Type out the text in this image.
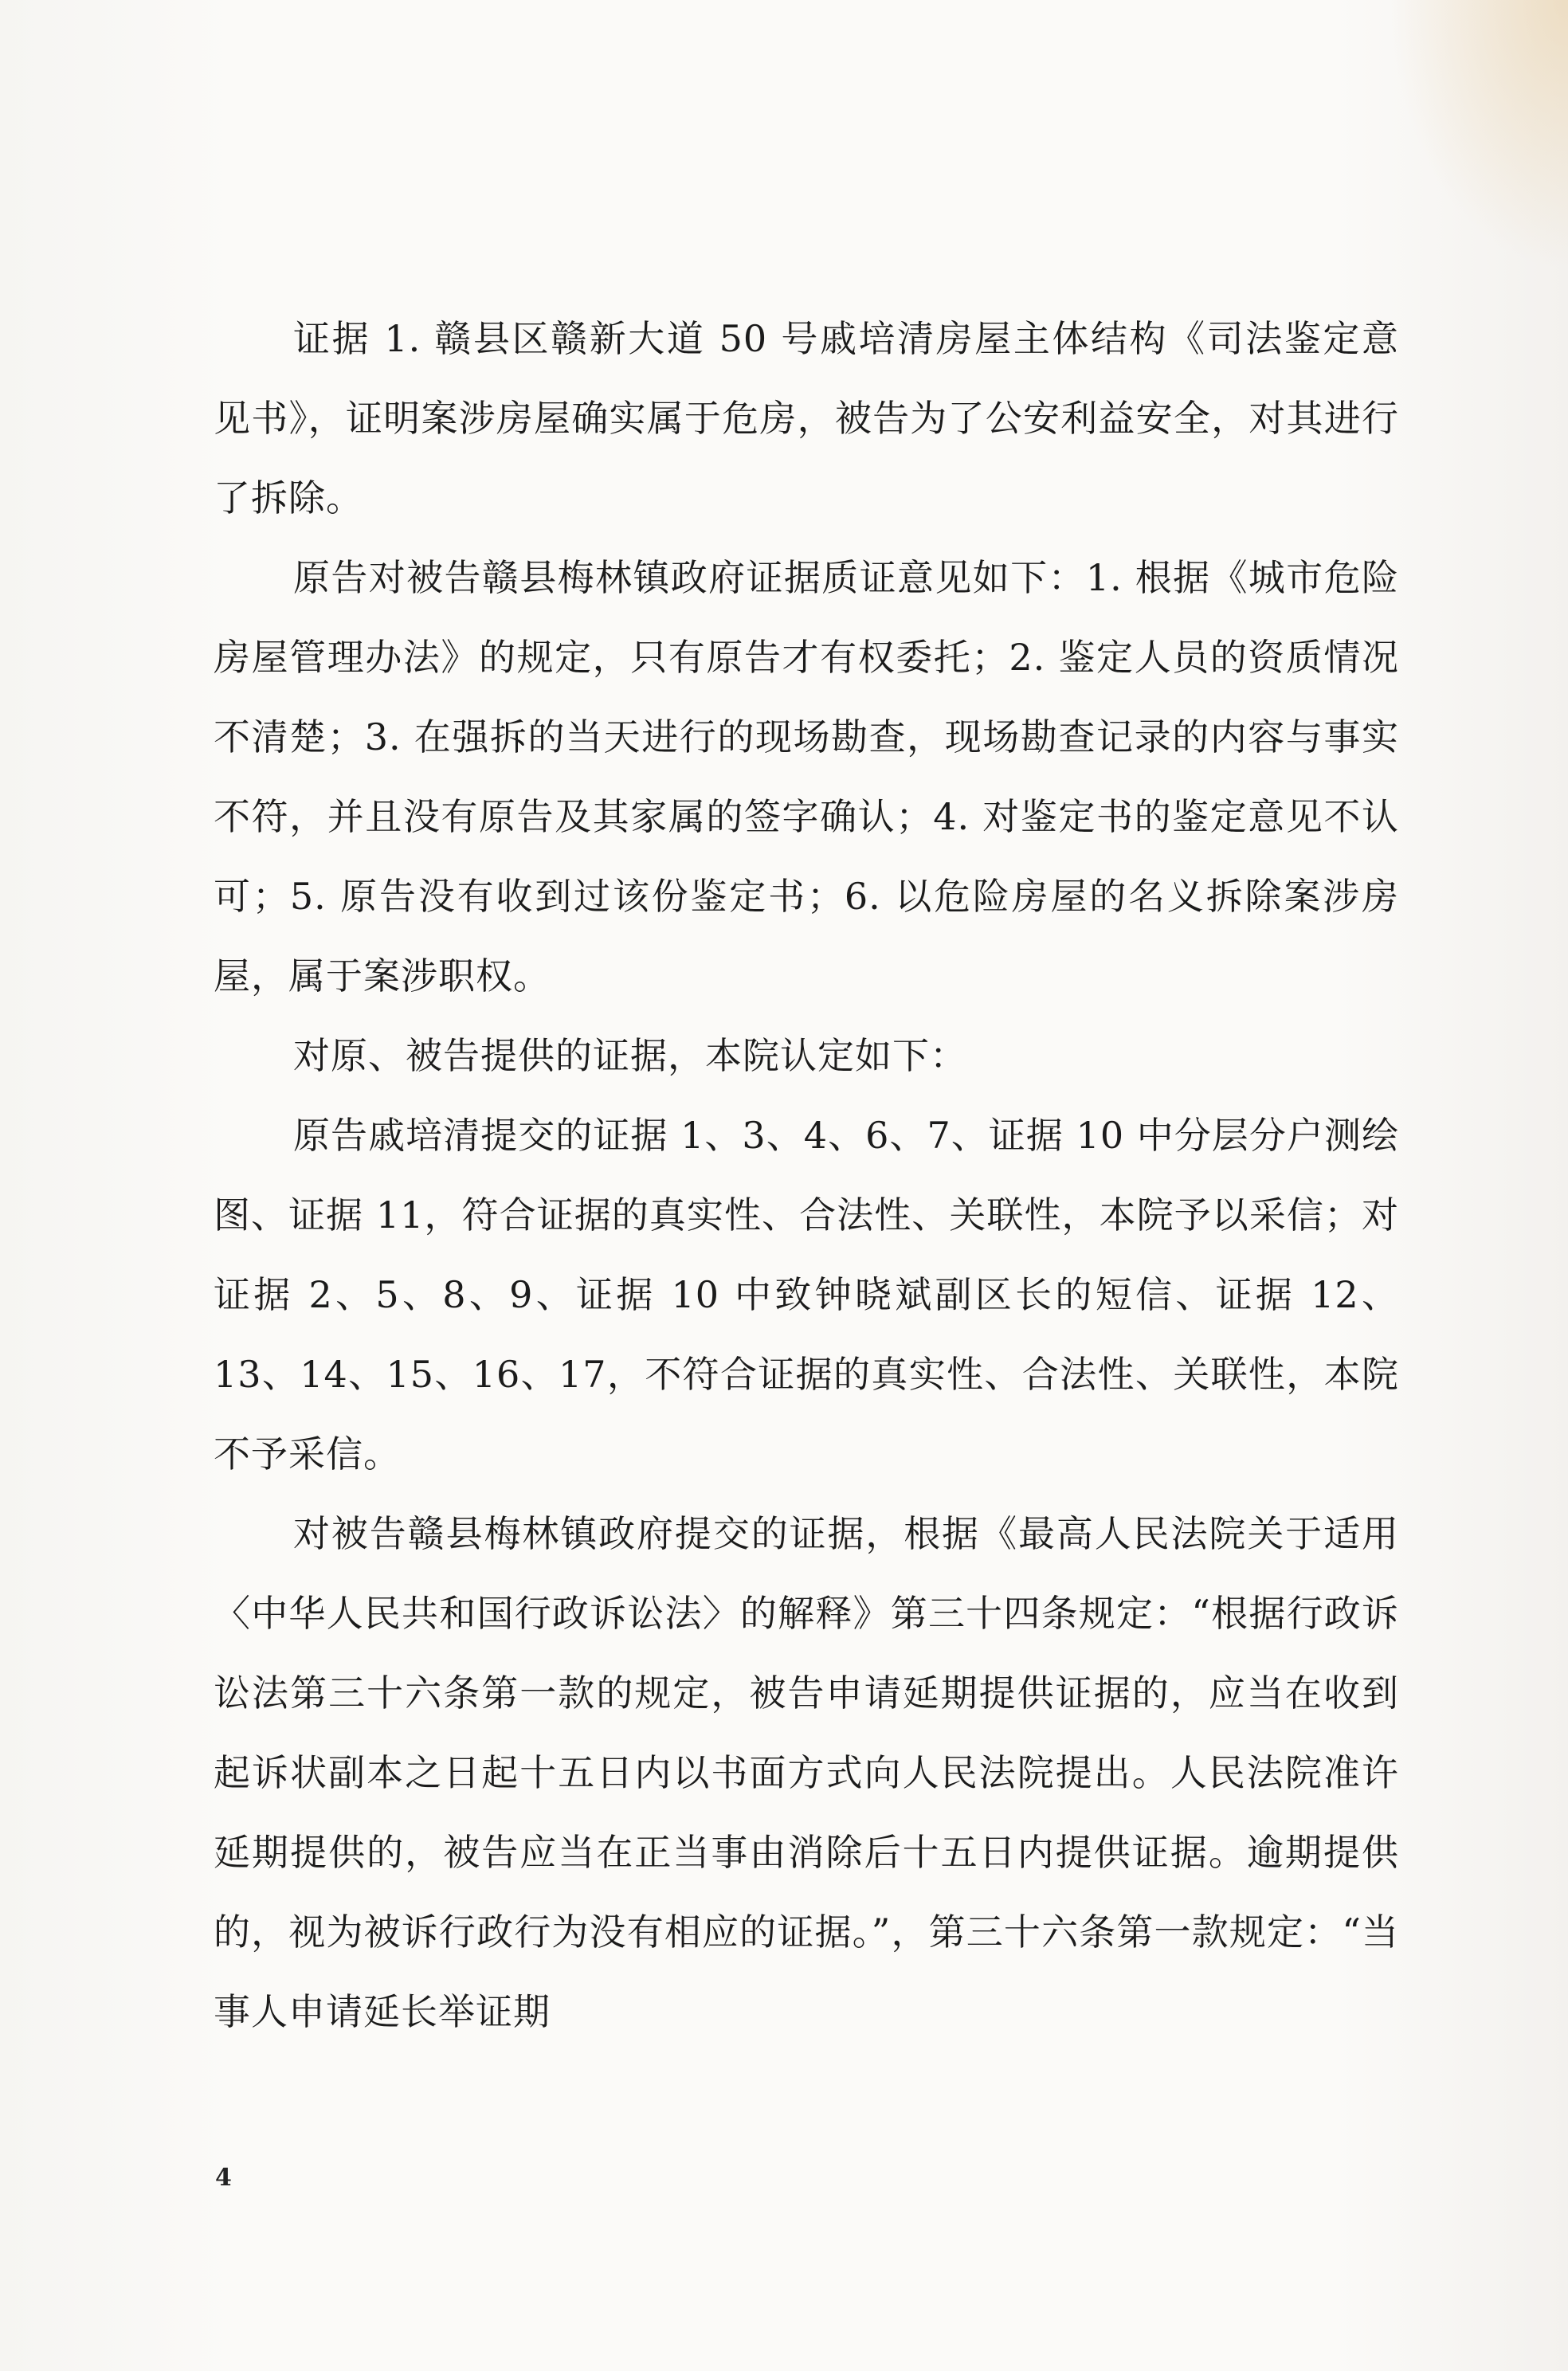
证据 1. 赣县区赣新大道 50 号戚培清房屋主体结构《司法鉴定意见书》，证明案涉房屋确实属于危房，被告为了公安利益安全，对其进行了拆除。

原告对被告赣县梅林镇政府证据质证意见如下：1. 根据《城市危险房屋管理办法》的规定，只有原告才有权委托；2. 鉴定人员的资质情况不清楚；3. 在强拆的当天进行的现场勘查，现场勘查记录的内容与事实不符，并且没有原告及其家属的签字确认；4. 对鉴定书的鉴定意见不认可；5. 原告没有收到过该份鉴定书；6. 以危险房屋的名义拆除案涉房屋，属于案涉职权。

对原、被告提供的证据，本院认定如下：

原告戚培清提交的证据 1、3、4、6、7、证据 10 中分层分户测绘图、证据 11，符合证据的真实性、合法性、关联性，本院予以采信；对证据 2、5、8、9、证据 10 中致钟晓斌副区长的短信、证据 12、13、14、15、16、17，不符合证据的真实性、合法性、关联性，本院不予采信。

对被告赣县梅林镇政府提交的证据，根据《最高人民法院关于适用〈中华人民共和国行政诉讼法〉的解释》第三十四条规定：“根据行政诉讼法第三十六条第一款的规定，被告申请延期提供证据的，应当在收到起诉状副本之日起十五日内以书面方式向人民法院提出。人民法院准许延期提供的，被告应当在正当事由消除后十五日内提供证据。逾期提供的，视为被诉行政行为没有相应的证据。”，第三十六条第一款规定：“当事人申请延长举证期

4
